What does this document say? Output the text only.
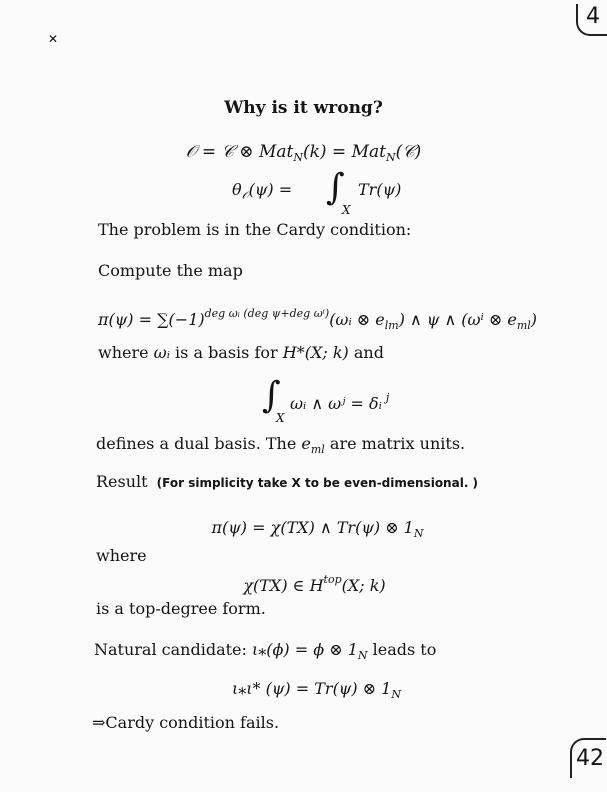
4
✕
Why is it wrong?
𝒪 = 𝒞 ⊗ Mat$_N$(k) = Mat$_N$(𝒞)
$\theta_𝒪(\psi)$ = ∫
X
Tr(ψ)
The problem is in the Cardy condition:
Compute the map
$\pi(\psi) = \sum(-1)^{deg \omega ᵢ (deg \psi+deg \omega^i)}(\omega ᵢ$ ⊗ $e_{lm}$) ∧ ψ ∧ (ωⁱ ⊗ $e_{ml}$)
where ωᵢ is a basis for H*(X; k) and
∫
X
ωᵢ ∧ ωʲ = δᵢ $^j$
defines a dual basis. The $e_{ml}$ are matrix units.
Result (For simplicity take X to be even-dimensional. )
π(ψ) = χ(TX) ∧ Tr(ψ) ⊗ $1_N$
where
χ(TX) ∈ $H^{top}(X$; k)
is a top-degree form.
Natural candidate: ι⁎(ϕ) = ϕ ⊗ $1_N$ leads to
ι⁎ι* (ψ) = Tr(ψ) ⊗ $1_N$
⇒Cardy condition fails.
42
